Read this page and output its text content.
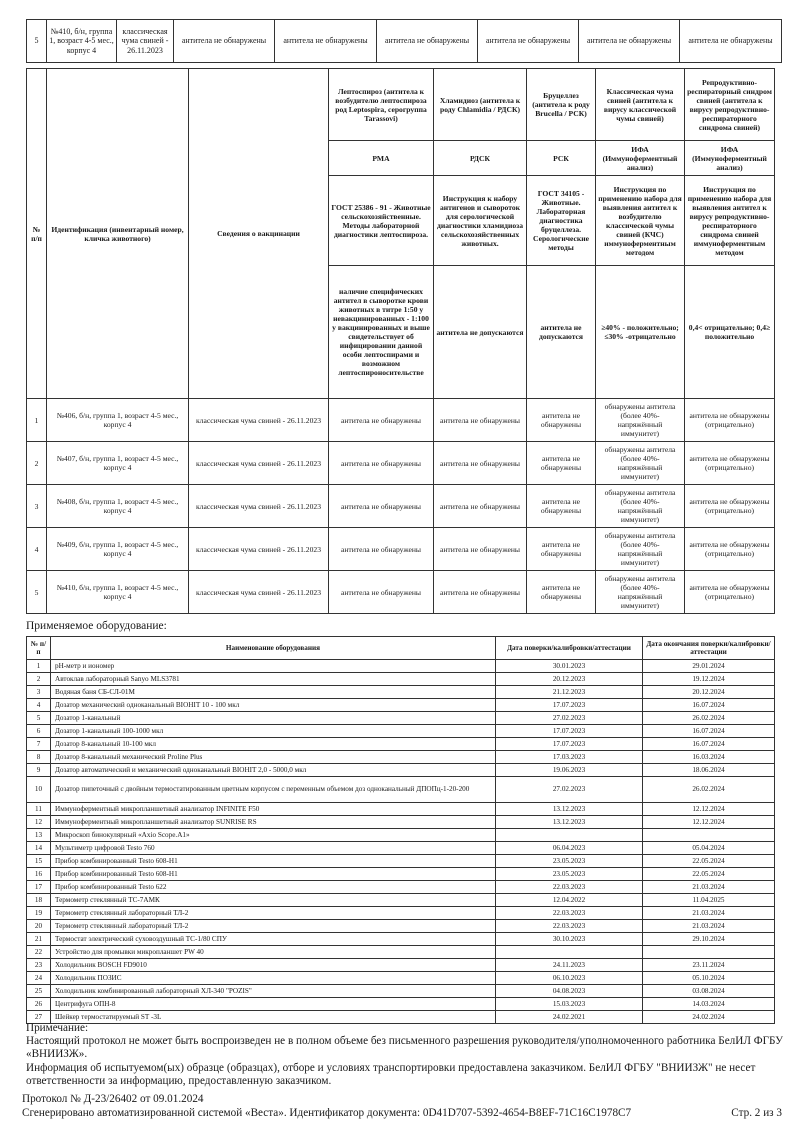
5	№410, б/н, группа 1, возраст 4-5 мес., корпус 4	классическая чума свиней - 26.11.2023	антитела не обнаружены	антитела не обнаружены	антитела не обнаружены	антитела не обнаружены	антитела не обнаружены	антитела не обнаружены
№ п/п	Идентификация (инвентарный номер, кличка животного)	Сведения о вакцинации	Лептоспироз (антитела к возбудителю лептоспироза род Leptospira, серогруппа Tarassovi)	Хламидиоз (антитела к роду Chlamidia / РДСК)	Бруцеллез (антитела к роду Brucella / РСК)	Классическая чума свиней (антитела к вирусу классической чумы свиней)	Репродуктивно-респираторный синдром свиней (антитела к вирусу репродуктивно-респираторного синдрома свиней)
			РМА	РДСК	РСК	ИФА (Иммуноферментный анализ)	ИФА (Иммуноферментный анализ)
			ГОСТ 25386 - 91 - Животные сельскохозяйственные. Методы лабораторной диагностики лептоспироза.	Инструкция к набору антигенов и сывороток для серологической диагностики хламидиоза сельскохозяйственных животных.	ГОСТ 34105 - Животные. Лабораторная диагностика бруцеллеза. Серологические методы	Инструкция по применению набора для выявления антител к возбудителю классической чумы свиней (КЧС) иммуноферментным методом	Инструкция по применению набора для выявления антител к вирусу репродуктивно-респираторного синдрома свиней иммуноферментным методом
			наличие специфических антител в сыворотке крови животных в титре 1:50 у невакцинированных - 1:100 у вакцинированных и выше свидетельствует об инфицировании данной особи лептоспирами и возможном лептоспироносительстве	антитела не допускаются	антитела не допускаются	≥40% - положительно; ≤30% -отрицательно	0,4< отрицательно; 0,4≥ положительно
1	№406, б/н, группа 1, возраст 4-5 мес., корпус 4	классическая чума свиней - 26.11.2023	антитела не обнаружены	антитела не обнаружены	антитела не обнаружены	обнаружены антитела (более 40%- напряжённый иммунитет)	антитела не обнаружены (отрицательно)
2	№407, б/н, группа 1, возраст 4-5 мес., корпус 4	классическая чума свиней - 26.11.2023	антитела не обнаружены	антитела не обнаружены	антитела не обнаружены	обнаружены антитела (более 40%- напряжённый иммунитет)	антитела не обнаружены (отрицательно)
3	№408, б/н, группа 1, возраст 4-5 мес., корпус 4	классическая чума свиней - 26.11.2023	антитела не обнаружены	антитела не обнаружены	антитела не обнаружены	обнаружены антитела (более 40%- напряжённый иммунитет)	антитела не обнаружены (отрицательно)
4	№409, б/н, группа 1, возраст 4-5 мес., корпус 4	классическая чума свиней - 26.11.2023	антитела не обнаружены	антитела не обнаружены	антитела не обнаружены	обнаружены антитела (более 40%- напряжённый иммунитет)	антитела не обнаружены (отрицательно)
5	№410, б/н, группа 1, возраст 4-5 мес., корпус 4	классическая чума свиней - 26.11.2023	антитела не обнаружены	антитела не обнаружены	антитела не обнаружены	обнаружены антитела (более 40%- напряжённый иммунитет)	антитела не обнаружены (отрицательно)
Применяемое оборудование:
№ п/п	Наименование оборудования	Дата поверки/калибровки/аттестации	Дата окончания поверки/калибровки/аттестации
1	pH-метр и иономер	30.01.2023	29.01.2024
2	Автоклав лабораторный Sanyo MLS3781	20.12.2023	19.12.2024
3	Водяная баня СБ-СЛ-01М	21.12.2023	20.12.2024
4	Дозатор механический одноканальный BIOHIT 10 - 100 мкл	17.07.2023	16.07.2024
5	Дозатор 1-канальный	27.02.2023	26.02.2024
6	Дозатор 1-канальный 100-1000 мкл	17.07.2023	16.07.2024
7	Дозатор 8-канальный 10-100 мкл	17.07.2023	16.07.2024
8	Дозатор 8-канальный механический Proline Plus	17.03.2023	16.03.2024
9	Дозатор автоматический и механический одноканальный BIOHIT 2,0 - 5000,0 мкл	19.06.2023	18.06.2024
10	Дозатор пипеточный с двойным термостатированным цветным корпусом с переменным объемом доз одноканальный ДПОПц-1-20-200	27.02.2023	26.02.2024
11	Иммуноферментный микропланшетный анализатор INFINITE F50	13.12.2023	12.12.2024
12	Иммуноферментный микропланшетный анализатор SUNRISE RS	13.12.2023	12.12.2024
13	Микроскоп бинокулярный «Axio Scope.A1»		
14	Мультиметр цифровой Testo 760	06.04.2023	05.04.2024
15	Прибор комбинированный Testo 608-H1	23.05.2023	22.05.2024
16	Прибор комбинированный Testo 608-H1	23.05.2023	22.05.2024
17	Прибор комбинированный Testo 622	22.03.2023	21.03.2024
18	Термометр стеклянный ТС-7АМК	12.04.2022	11.04.2025
19	Термометр стеклянный лабораторный ТЛ-2	22.03.2023	21.03.2024
20	Термометр стеклянный лабораторный ТЛ-2	22.03.2023	21.03.2024
21	Термостат электрический суховоздушный ТС-1/80 СПУ	30.10.2023	29.10.2024
22	Устройство для промывки микропланшет PW 40		
23	Холодильник BOSCH FD9010	24.11.2023	23.11.2024
24	Холодильник ПОЗИС	06.10.2023	05.10.2024
25	Холодильник комбинированный лабораторный ХЛ-340 "POZIS"	04.08.2023	03.08.2024
26	Центрифуга ОПН-8	15.03.2023	14.03.2024
27	Шейкер термостатируемый ST -3L	24.02.2021	24.02.2024

Примечание:

Настоящий протокол не может быть воспроизведен не в полном объеме без письменного разрешения руководителя/уполномоченного работника БелИЛ ФГБУ «ВНИИЗЖ».

Информация об испытуемом(ых) образце (образцах), отборе и условиях транспортировки предоставлена заказчиком. БелИЛ ФГБУ "ВНИИЗЖ" не несет ответственности за информацию, предоставленную заказчиком.

Протокол № Д-23/26402 от 09.01.2024
Сгенерировано автоматизированной системой «Веста». Идентификатор документа: 0D41D707-5392-4654-B8EF-71C16C1978C7	Стр. 2 из 3
